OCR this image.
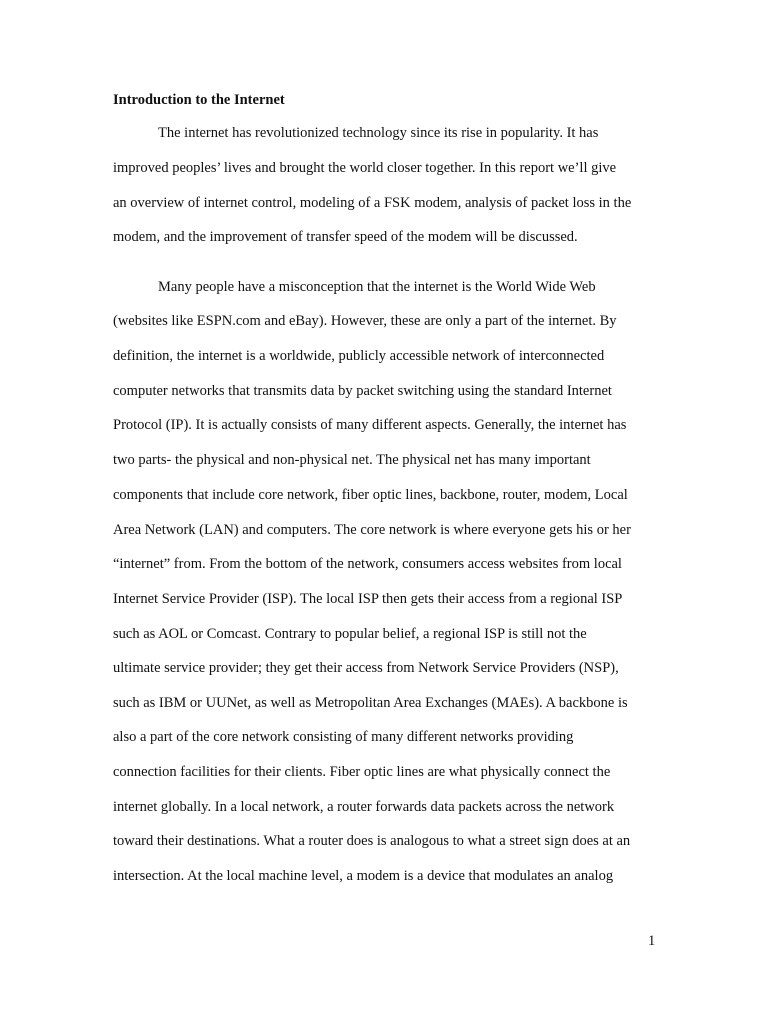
Introduction to the Internet
The internet has revolutionized technology since its rise in popularity. It has
improved peoples’ lives and brought the world closer together. In this report we’ll give
an overview of internet control, modeling of a FSK modem, analysis of packet loss in the
modem, and the improvement of transfer speed of the modem will be discussed.
Many people have a misconception that the internet is the World Wide Web
(websites like ESPN.com and eBay). However, these are only a part of the internet. By
definition, the internet is a worldwide, publicly accessible network of interconnected
computer networks that transmits data by packet switching using the standard Internet
Protocol (IP). It is actually consists of many different aspects. Generally, the internet has
two parts- the physical and non-physical net. The physical net has many important
components that include core network, fiber optic lines, backbone, router, modem, Local
Area Network (LAN) and computers. The core network is where everyone gets his or her
“internet” from. From the bottom of the network, consumers access websites from local
Internet Service Provider (ISP). The local ISP then gets their access from a regional ISP
such as AOL or Comcast. Contrary to popular belief, a regional ISP is still not the
ultimate service provider; they get their access from Network Service Providers (NSP),
such as IBM or UUNet, as well as Metropolitan Area Exchanges (MAEs). A backbone is
also a part of the core network consisting of many different networks providing
connection facilities for their clients. Fiber optic lines are what physically connect the
internet globally. In a local network, a router forwards data packets across the network
toward their destinations. What a router does is analogous to what a street sign does at an
intersection. At the local machine level, a modem is a device that modulates an analog
1
